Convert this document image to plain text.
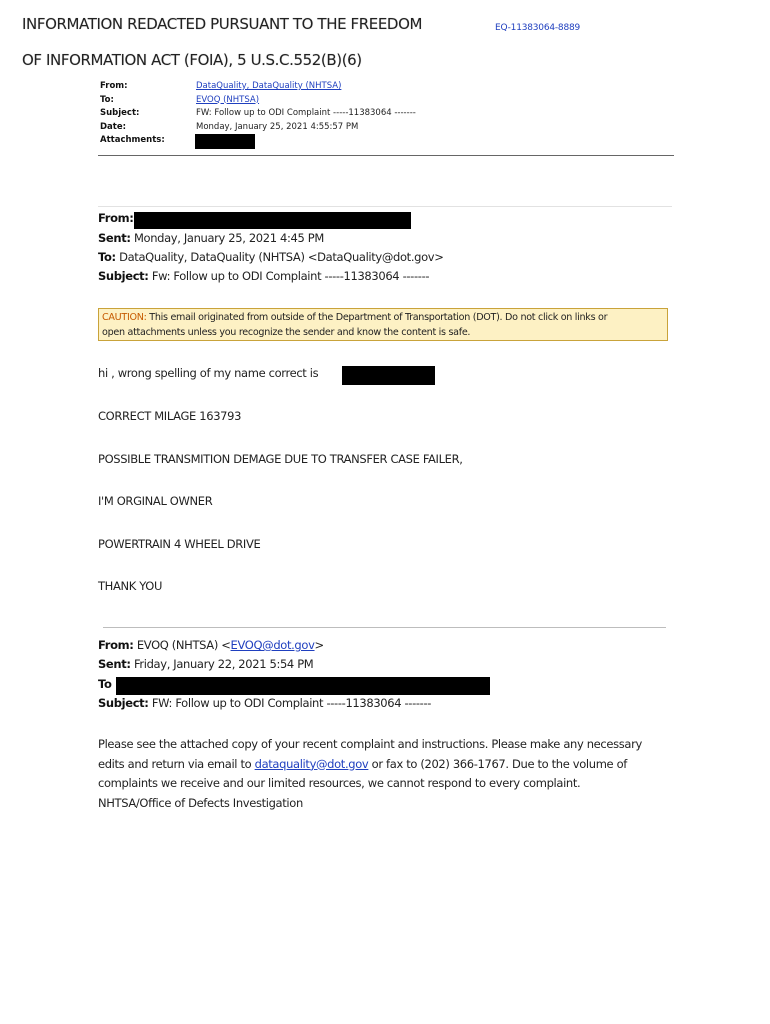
INFORMATION REDACTED PURSUANT TO THE FREEDOM
OF INFORMATION ACT (FOIA), 5 U.S.C.552(B)(6)
EQ-11383064-8889
From:	DataQuality, DataQuality (NHTSA)
To:	EVOQ (NHTSA)
Subject:	FW: Follow up to ODI Complaint -----11383064 -------
Date:	Monday, January 25, 2021 4:55:57 PM
Attachments:
From:
Sent: Monday, January 25, 2021 4:45 PM
To: DataQuality, DataQuality (NHTSA) <DataQuality@dot.gov>
Subject: Fw: Follow up to ODI Complaint -----11383064 -------
CAUTION: This email originated from outside of the Department of Transportation (DOT). Do not click on links or
open attachments unless you recognize the sender and know the content is safe.
hi , wrong spelling of my name correct is
CORRECT MILAGE 163793
POSSIBLE TRANSMITION DEMAGE DUE TO TRANSFER CASE FAILER,
I'M ORGINAL OWNER
POWERTRAIN 4 WHEEL DRIVE
THANK YOU
From: EVOQ (NHTSA) <EVOQ@dot.gov>
Sent: Friday, January 22, 2021 5:54 PM
To
Subject: FW: Follow up to ODI Complaint -----11383064 -------
Please see the attached copy of your recent complaint and instructions. Please make any necessary
edits and return via email to dataquality@dot.gov or fax to (202) 366-1767. Due to the volume of
complaints we receive and our limited resources, we cannot respond to every complaint.
NHTSA/Office of Defects Investigation
